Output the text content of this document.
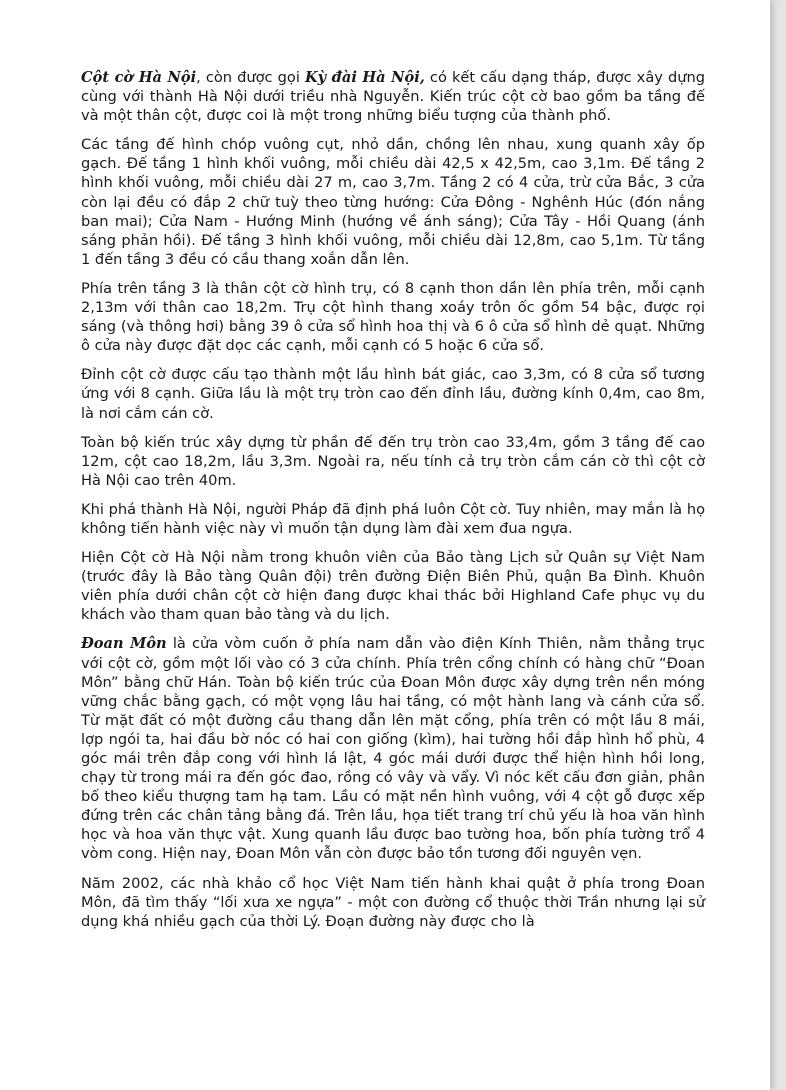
Cột cờ Hà Nội, còn được gọi Kỳ đài Hà Nội, có kết cấu dạng tháp, được xây dựng cùng với thành Hà Nội dưới triều nhà Nguyễn. Kiến trúc cột cờ bao gồm ba tầng đế và một thân cột, được coi là một trong những biểu tượng của thành phố.

Các tầng đế hình chóp vuông cụt, nhỏ dần, chồng lên nhau, xung quanh xây ốp gạch. Đế tầng 1 hình khối vuông, mỗi chiều dài 42,5 x 42,5m, cao 3,1m. Đế tầng 2 hình khối vuông, mỗi chiều dài 27 m, cao 3,7m. Tầng 2 có 4 cửa, trừ cửa Bắc, 3 cửa còn lại đều có đắp 2 chữ tuỳ theo từng hướng: Cửa Đông - Nghênh Húc (đón nắng ban mai); Cửa Nam - Hướng Minh (hướng về ánh sáng); Cửa Tây - Hồi Quang (ánh sáng phản hồi). Đế tầng 3 hình khối vuông, mỗi chiều dài 12,8m, cao 5,1m. Từ tầng 1 đến tầng 3 đều có cầu thang xoắn dẫn lên.

Phía trên tầng 3 là thân cột cờ hình trụ, có 8 cạnh thon dần lên phía trên, mỗi cạnh 2,13m với thân cao 18,2m. Trụ cột hình thang xoáy trôn ốc gồm 54 bậc, được rọi sáng (và thông hơi) bằng 39 ô cửa sổ hình hoa thị và 6 ô cửa sổ hình dẻ quạt. Những ô cửa này được đặt dọc các cạnh, mỗi cạnh có 5 hoặc 6 cửa sổ.

Đỉnh cột cờ được cấu tạo thành một lầu hình bát giác, cao 3,3m, có 8 cửa sổ tương ứng với 8 cạnh. Giữa lầu là một trụ tròn cao đến đỉnh lầu, đường kính 0,4m, cao 8m, là nơi cắm cán cờ.

Toàn bộ kiến trúc xây dựng từ phần đế đến trụ tròn cao 33,4m, gồm 3 tầng đế cao 12m, cột cao 18,2m, lầu 3,3m. Ngoài ra, nếu tính cả trụ tròn cắm cán cờ thì cột cờ Hà Nội cao trên 40m.

Khi phá thành Hà Nội, người Pháp đã định phá luôn Cột cờ. Tuy nhiên, may mắn là họ không tiến hành việc này vì muốn tận dụng làm đài xem đua ngựa.

Hiện Cột cờ Hà Nội nằm trong khuôn viên của Bảo tàng Lịch sử Quân sự Việt Nam (trước đây là Bảo tàng Quân đội) trên đường Điện Biên Phủ, quận Ba Đình. Khuôn viên phía dưới chân cột cờ hiện đang được khai thác bởi Highland Cafe phục vụ du khách vào tham quan bảo tàng và du lịch.

Đoan Môn là cửa vòm cuốn ở phía nam dẫn vào điện Kính Thiên, nằm thẳng trục với cột cờ, gồm một lối vào có 3 cửa chính. Phía trên cổng chính có hàng chữ “Đoan Môn” bằng chữ Hán. Toàn bộ kiến trúc của Đoan Môn được xây dựng trên nền móng vững chắc bằng gạch, có một vọng lâu hai tầng, có một hành lang và cánh cửa sổ. Từ mặt đất có một đường cầu thang dẫn lên mặt cổng, phía trên có một lầu 8 mái, lợp ngói ta, hai đầu bờ nóc có hai con giống (kìm), hai tường hồi đắp hình hổ phù, 4 góc mái trên đắp cong với hình lá lật, 4 góc mái dưới được thể hiện hình hồi long, chạy từ trong mái ra đến góc đao, rồng có vây và vẩy. Vì nóc kết cấu đơn giản, phân bố theo kiểu thượng tam hạ tam. Lầu có mặt nền hình vuông, với 4 cột gỗ được xếp đứng trên các chân tảng bằng đá. Trên lầu, họa tiết trang trí chủ yếu là hoa văn hình học và hoa văn thực vật. Xung quanh lầu được bao tường hoa, bốn phía tường trổ 4 vòm cong. Hiện nay, Đoan Môn vẫn còn được bảo tồn tương đối nguyên vẹn.

Năm 2002, các nhà khảo cổ học Việt Nam tiến hành khai quật ở phía trong Đoan Môn, đã tìm thấy “lối xưa xe ngựa” - một con đường cổ thuộc thời Trần nhưng lại sử dụng khá nhiều gạch của thời Lý. Đoạn đường này được cho là
